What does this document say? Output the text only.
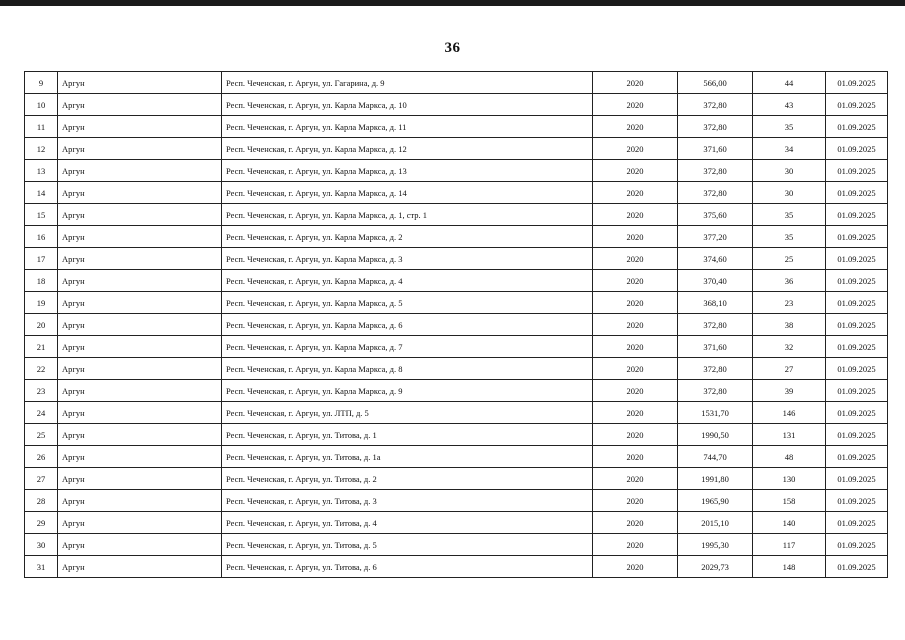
36
9	Аргун	Респ. Чеченская, г. Аргун, ул. Гагарина, д. 9	2020	566,00	44	01.09.2025
10	Аргун	Респ. Чеченская, г. Аргун, ул. Карла Маркса, д. 10	2020	372,80	43	01.09.2025
11	Аргун	Респ. Чеченская, г. Аргун, ул. Карла Маркса, д. 11	2020	372,80	35	01.09.2025
12	Аргун	Респ. Чеченская, г. Аргун, ул. Карла Маркса, д. 12	2020	371,60	34	01.09.2025
13	Аргун	Респ. Чеченская, г. Аргун, ул. Карла Маркса, д. 13	2020	372,80	30	01.09.2025
14	Аргун	Респ. Чеченская, г. Аргун, ул. Карла Маркса, д. 14	2020	372,80	30	01.09.2025
15	Аргун	Респ. Чеченская, г. Аргун, ул. Карла Маркса, д. 1, стр. 1	2020	375,60	35	01.09.2025
16	Аргун	Респ. Чеченская, г. Аргун, ул. Карла Маркса, д. 2	2020	377,20	35	01.09.2025
17	Аргун	Респ. Чеченская, г. Аргун, ул. Карла Маркса, д. 3	2020	374,60	25	01.09.2025
18	Аргун	Респ. Чеченская, г. Аргун, ул. Карла Маркса, д. 4	2020	370,40	36	01.09.2025
19	Аргун	Респ. Чеченская, г. Аргун, ул. Карла Маркса, д. 5	2020	368,10	23	01.09.2025
20	Аргун	Респ. Чеченская, г. Аргун, ул. Карла Маркса, д. 6	2020	372,80	38	01.09.2025
21	Аргун	Респ. Чеченская, г. Аргун, ул. Карла Маркса, д. 7	2020	371,60	32	01.09.2025
22	Аргун	Респ. Чеченская, г. Аргун, ул. Карла Маркса, д. 8	2020	372,80	27	01.09.2025
23	Аргун	Респ. Чеченская, г. Аргун, ул. Карла Маркса, д. 9	2020	372,80	39	01.09.2025
24	Аргун	Респ. Чеченская, г. Аргун, ул. ЛТП, д. 5	2020	1531,70	146	01.09.2025
25	Аргун	Респ. Чеченская, г. Аргун, ул. Титова, д. 1	2020	1990,50	131	01.09.2025
26	Аргун	Респ. Чеченская, г. Аргун, ул. Титова, д. 1а	2020	744,70	48	01.09.2025
27	Аргун	Респ. Чеченская, г. Аргун, ул. Титова, д. 2	2020	1991,80	130	01.09.2025
28	Аргун	Респ. Чеченская, г. Аргун, ул. Титова, д. 3	2020	1965,90	158	01.09.2025
29	Аргун	Респ. Чеченская, г. Аргун, ул. Титова, д. 4	2020	2015,10	140	01.09.2025
30	Аргун	Респ. Чеченская, г. Аргун, ул. Титова, д. 5	2020	1995,30	117	01.09.2025
31	Аргун	Респ. Чеченская, г. Аргун, ул. Титова, д. 6	2020	2029,73	148	01.09.2025
